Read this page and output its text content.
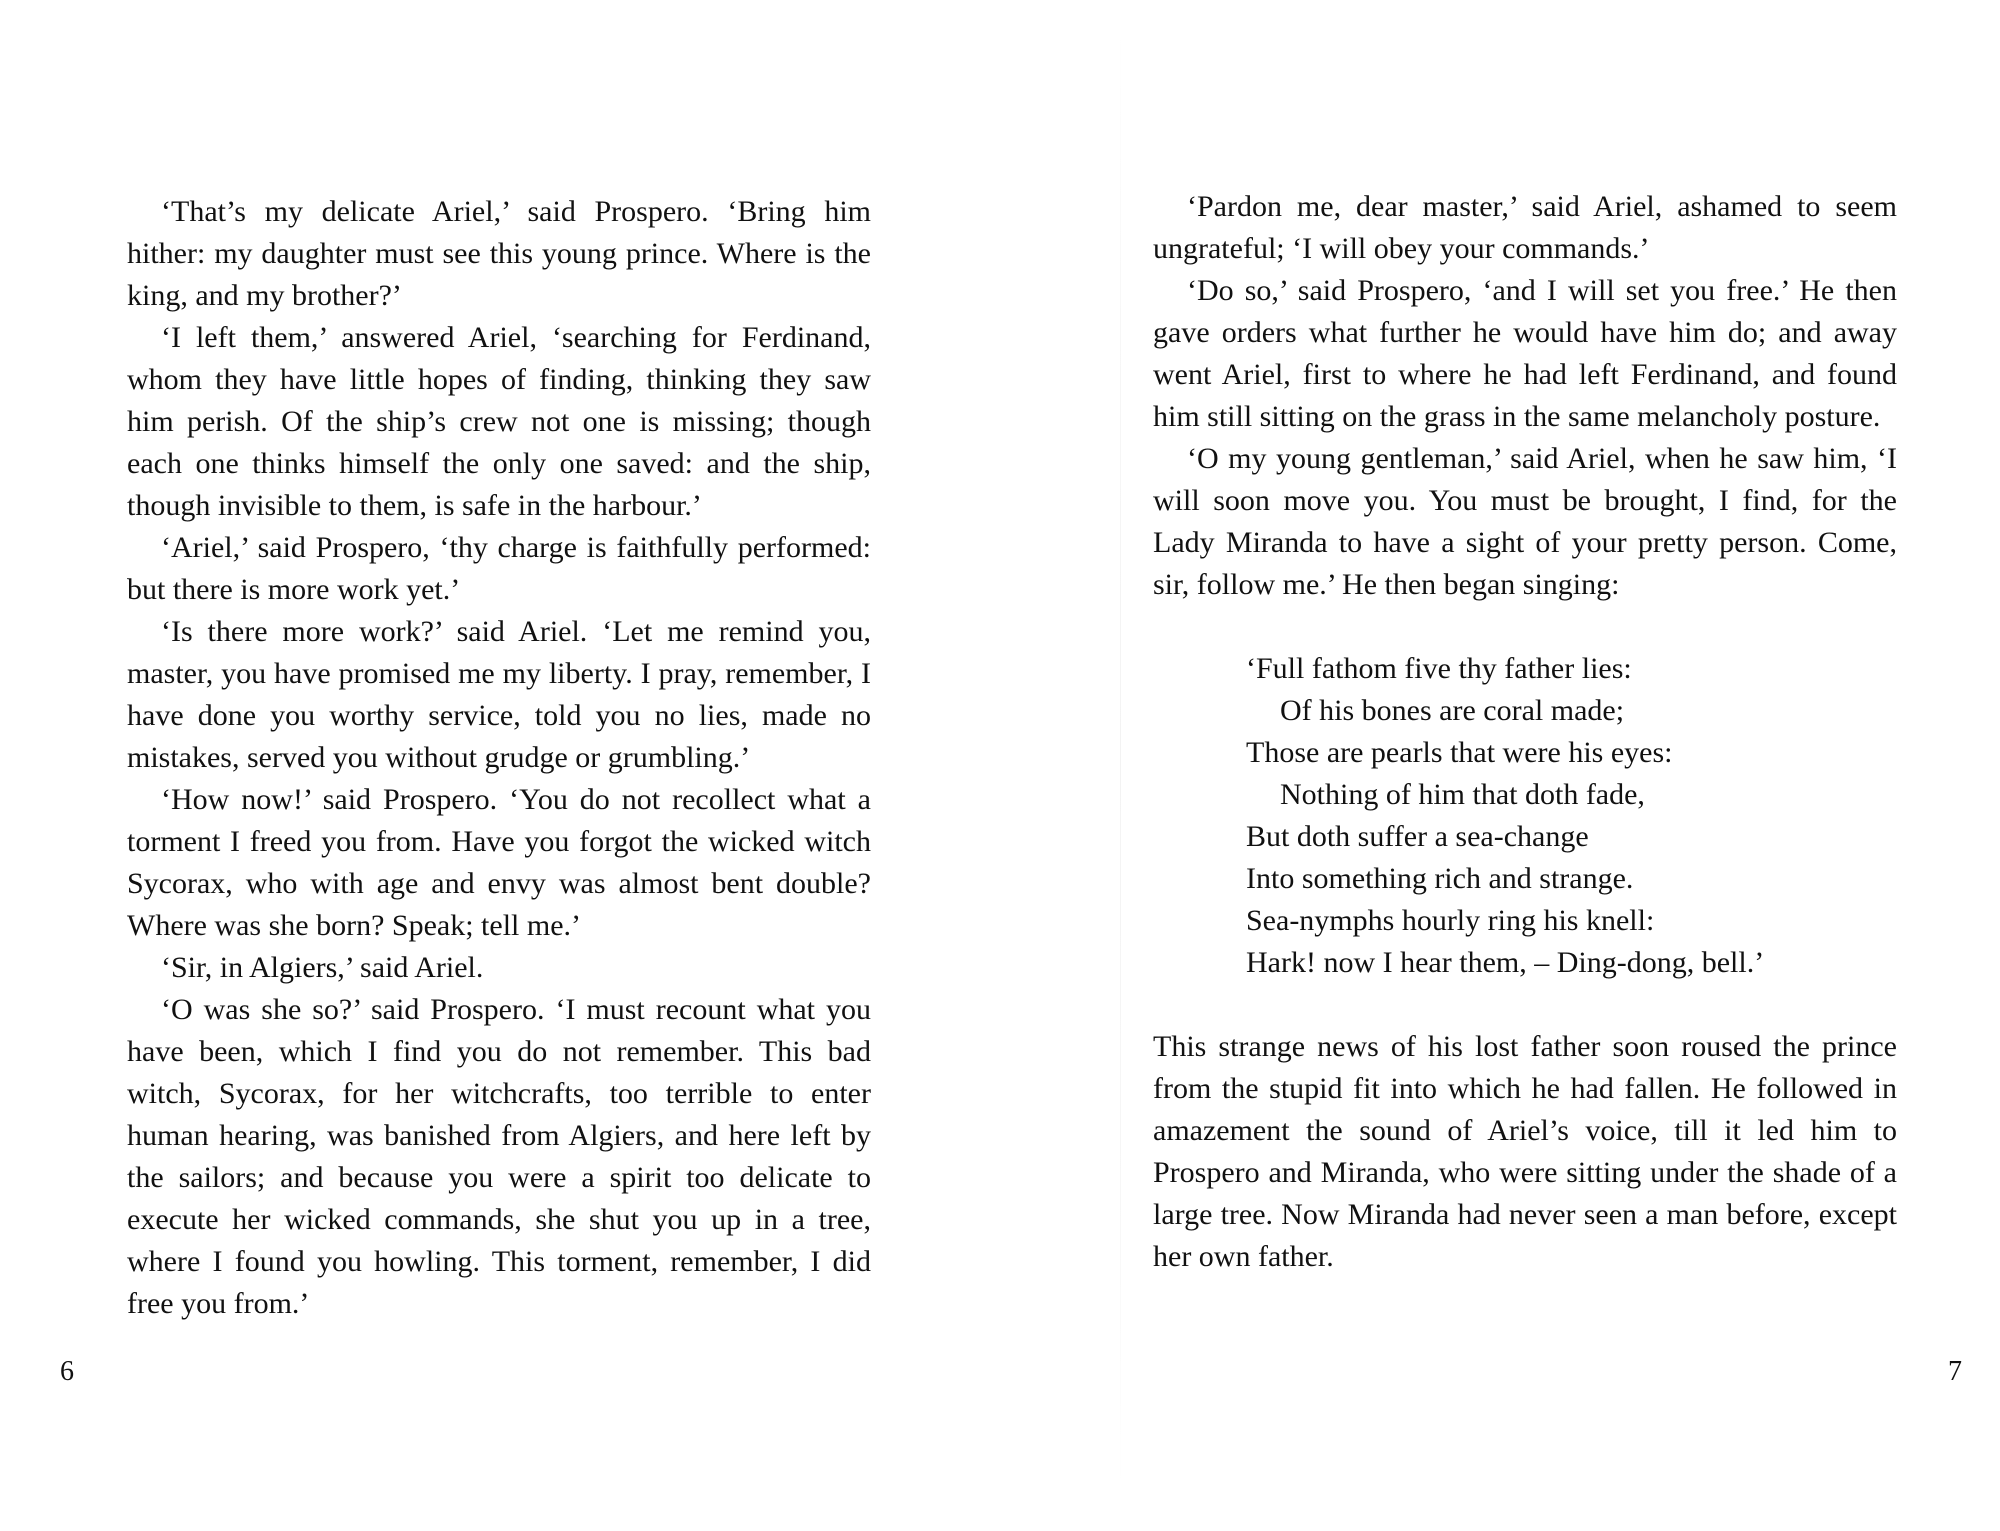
‘That’s my delicate Ariel,’ said Prospero. ‘Bring him hither: my daughter must see this young prince. Where is the king, and my brother?’

‘I left them,’ answered Ariel, ‘searching for Ferdinand, whom they have little hopes of finding, thinking they saw him perish. Of the ship’s crew not one is missing; though each one thinks himself the only one saved: and the ship, though invisible to them, is safe in the harbour.’

‘Ariel,’ said Prospero, ‘thy charge is faithfully performed: but there is more work yet.’

‘Is there more work?’ said Ariel. ‘Let me remind you, master, you have promised me my liberty. I pray, remember, I have done you worthy service, told you no lies, made no mistakes, served you without grudge or grumbling.’

‘How now!’ said Prospero. ‘You do not recollect what a torment I freed you from. Have you forgot the wicked witch Sycorax, who with age and envy was almost bent double? Where was she born? Speak; tell me.’

‘Sir, in Algiers,’ said Ariel.

‘O was she so?’ said Prospero. ‘I must recount what you have been, which I find you do not remember. This bad witch, Sycorax, for her witchcrafts, too terrible to enter human hearing, was banished from Algiers, and here left by the sailors; and because you were a spirit too delicate to execute her wicked commands, she shut you up in a tree, where I found you howling. This torment, remember, I did free you from.’

6

‘Pardon me, dear master,’ said Ariel, ashamed to seem ungrateful; ‘I will obey your commands.’

‘Do so,’ said Prospero, ‘and I will set you free.’ He then gave orders what further he would have him do; and away went Ariel, first to where he had left Ferdinand, and found him still sitting on the grass in the same melancholy posture.

‘O my young gentleman,’ said Ariel, when he saw him, ‘I will soon move you. You must be brought, I find, for the Lady Miranda to have a sight of your pretty person. Come, sir, follow me.’ He then began singing:

‘Full fathom five thy father lies:
Of his bones are coral made;
Those are pearls that were his eyes:
Nothing of him that doth fade,
But doth suffer a sea-change
Into something rich and strange.
Sea-nymphs hourly ring his knell:
Hark! now I hear them, – Ding-dong, bell.’

This strange news of his lost father soon roused the prince from the stupid fit into which he had fallen. He followed in amazement the sound of Ariel’s voice, till it led him to Prospero and Miranda, who were sitting under the shade of a large tree. Now Miranda had never seen a man before, except her own father.

7
